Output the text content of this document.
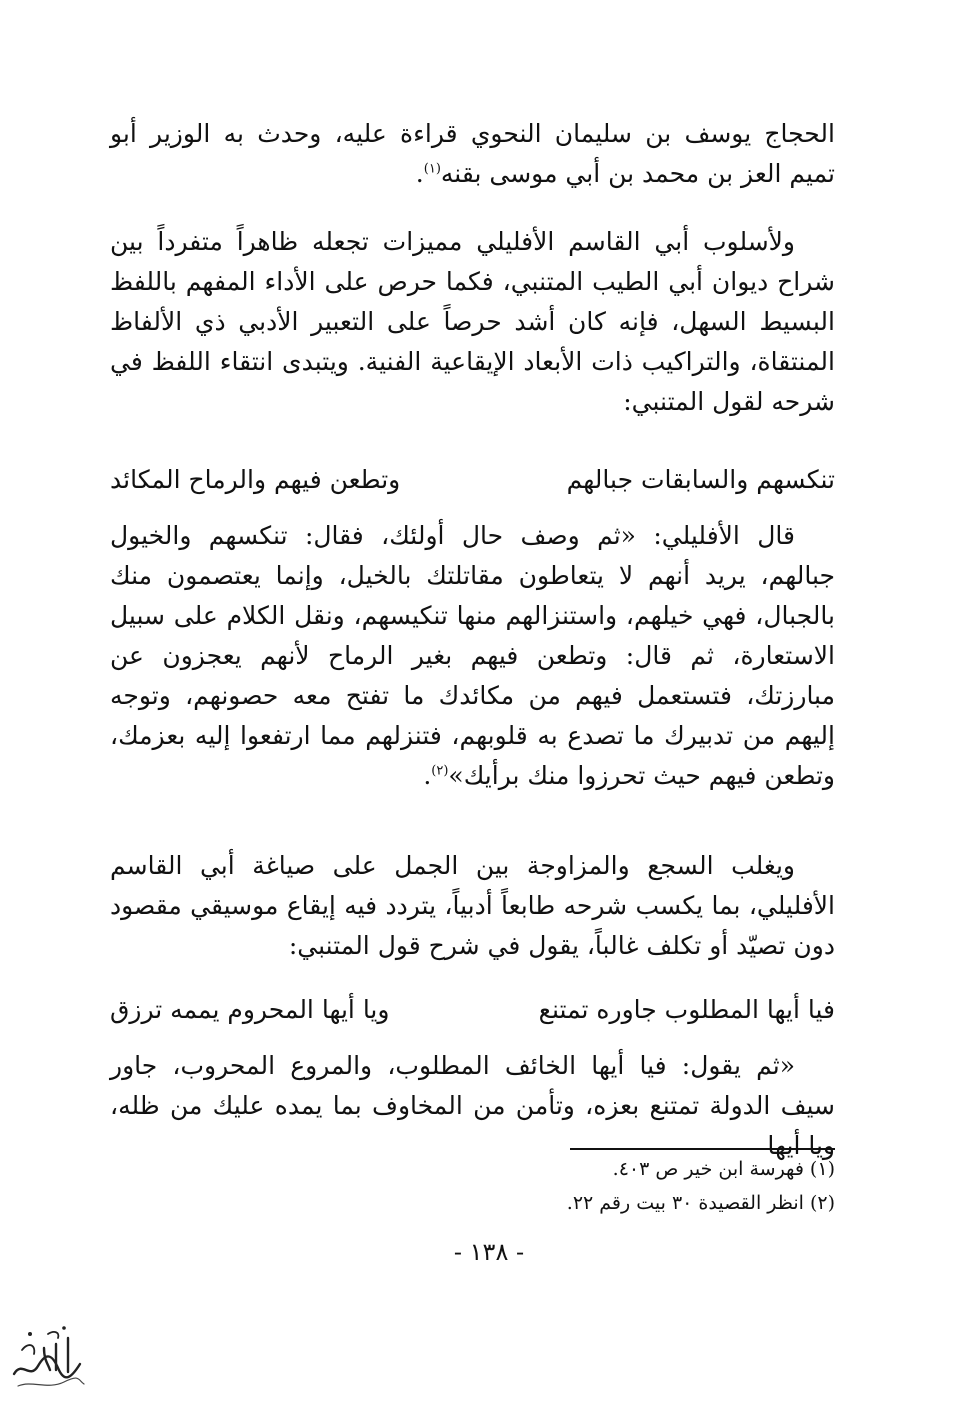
الحجاج يوسف بن سليمان النحوي قراءة عليه، وحدث به الوزير أبو تميم العز بن محمد بن أبي موسى بقنه$^{(١)}$.

ولأسلوب أبي القاسم الأفليلي مميزات تجعله ظاهراً متفرداً بين شراح ديوان أبي الطيب المتنبي، فكما حرص على الأداء المفهم باللفظ البسيط السهل، فإنه كان أشد حرصاً على التعبير الأدبي ذي الألفاظ المنتقاة، والتراكيب ذات الأبعاد الإيقاعية الفنية. ويتبدى انتقاء اللفظ في شرحه لقول المتنبي:

تنكسهم والسابقات جبالهم
وتطعن فيهم والرماح المكائد

قال الأفليلي: «ثم وصف حال أولئك، فقال: تنكسهم والخيول جبالهم، يريد أنهم لا يتعاطون مقاتلتك بالخيل، وإنما يعتصمون منك بالجبال، فهي خيلهم، واستنزالهم منها تنكيسهم، ونقل الكلام على سبيل الاستعارة، ثم قال: وتطعن فيهم بغير الرماح لأنهم يعجزون عن مبارزتك، فتستعمل فيهم من مكائدك ما تفتح معه حصونهم، وتوجه إليهم من تدبيرك ما تصدع به قلوبهم، فتنزلهم مما ارتفعوا إليه بعزمك، وتطعن فيهم حيث تحرزوا منك برأيك»$^{(٢)}$.

ويغلب السجع والمزاوجة بين الجمل على صياغة أبي القاسم الأفليلي، بما يكسب شرحه طابعاً أدبياً، يتردد فيه إيقاع موسيقي مقصود دون تصيّد أو تكلف غالباً، يقول في شرح قول المتنبي:

فيا أيها المطلوب جاوره تمتنع
ويا أيها المحروم يممه ترزق

«ثم يقول: فيا أيها الخائف المطلوب، والمروع المحروب، جاور سيف الدولة تمتنع بعزه، وتأمن من المخاوف بما يمده عليك من ظله، ويا أيها

(١) فهرسة ابن خير ص ٤٠٣.
(٢) انظر القصيدة ٣٠ بيت رقم ٢٢.
- ١٣٨ -
